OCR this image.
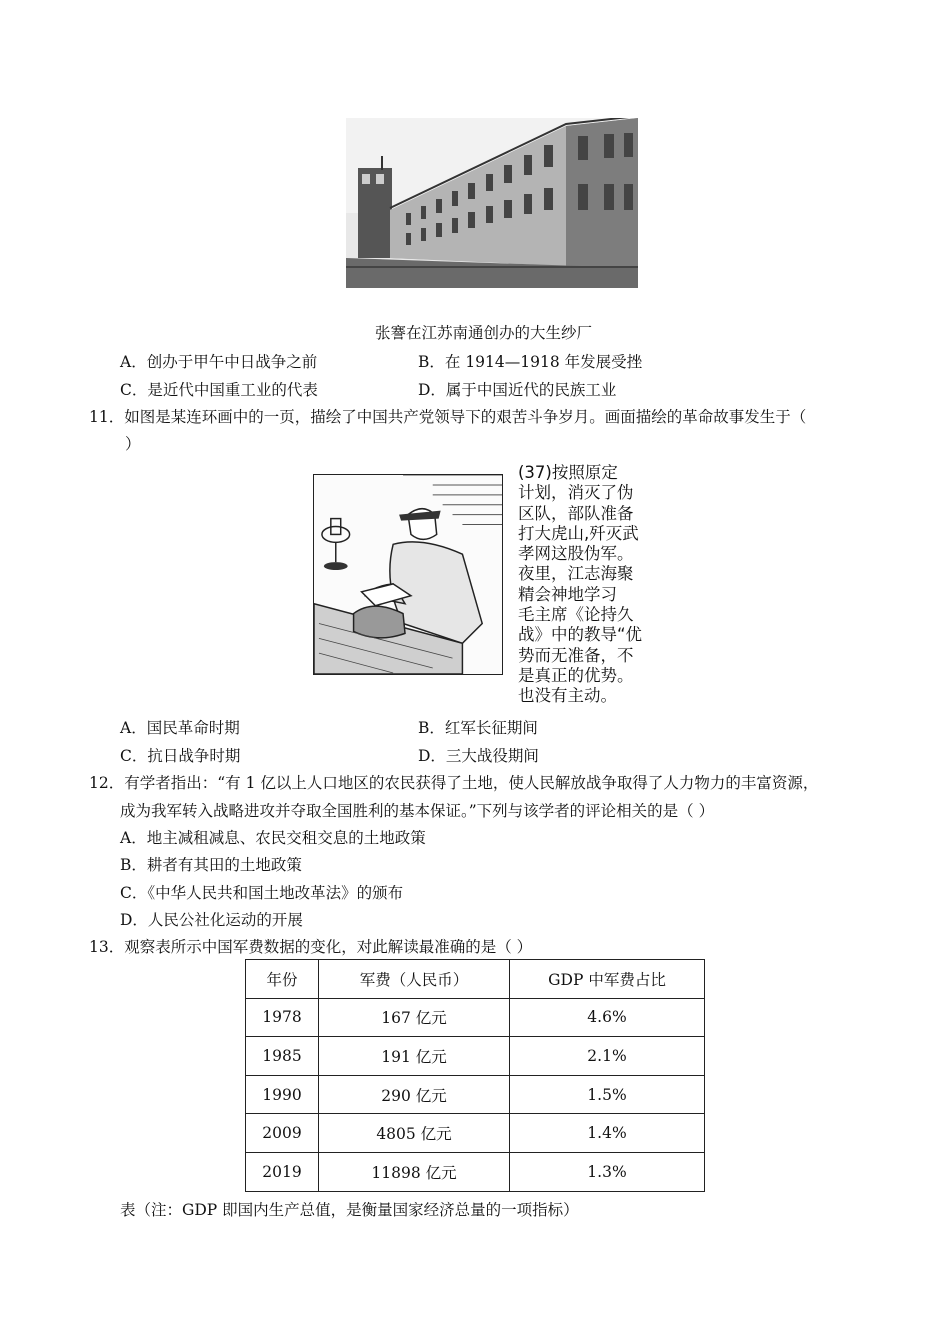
张謇在江苏南通创办的大生纱厂
A．创办于甲午中日战争之前	B．在 1914—1918 年发展受挫
C．是近代中国重工业的代表	D．属于中国近代的民族工业
11．如图是某连环画中的一页，描绘了中国共产党领导下的艰苦斗争岁月。画面描绘的革命故事发生于（
）
(37)按照原定
计划，消灭了伪
区队，部队准备
打大虎山,歼灭武
孝网这股伪军。
夜里，江志海聚
精会神地学习
毛主席《论持久
战》中的教导“优
势而无准备，不
是真正的优势。
也没有主动。
A．国民革命时期	B．红军长征期间
C．抗日战争时期	D．三大战役期间
12．有学者指出：“有 1 亿以上人口地区的农民获得了土地，使人民解放战争取得了人力物力的丰富资源，
成为我军转入战略进攻并夺取全国胜利的基本保证。”下列与该学者的评论相关的是（ ）
A．地主减租减息、农民交租交息的土地政策
B．耕者有其田的土地政策
C．《中华人民共和国土地改革法》的颁布
D．人民公社化运动的开展
13．观察表所示中国军费数据的变化，对此解读最准确的是（ ）
年份	军费（人民币）	GDP 中军费占比
1978	167 亿元	4.6%
1985	191 亿元	2.1%
1990	290 亿元	1.5%
2009	4805 亿元	1.4%
2019	11898 亿元	1.3%
表（注：GDP 即国内生产总值，是衡量国家经济总量的一项指标）
